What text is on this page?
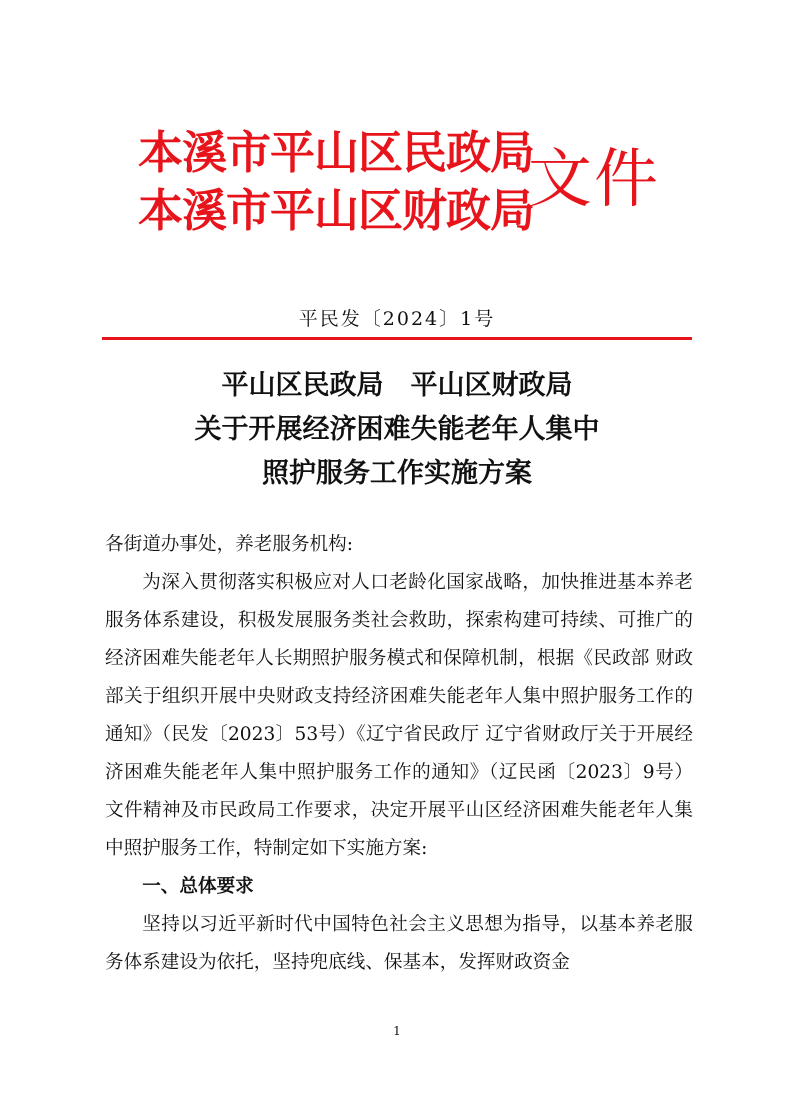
本溪市平山区民政局
本溪市平山区财政局
文件
平民发〔2024〕1号
平山区民政局　平山区财政局
关于开展经济困难失能老年人集中
照护服务工作实施方案

各街道办事处，养老服务机构:

为深入贯彻落实积极应对人口老龄化国家战略，加快推进基本养老服务体系建设，积极发展服务类社会救助，探索构建可持续、可推广的经济困难失能老年人长期照护服务模式和保障机制，根据《民政部 财政部关于组织开展中央财政支持经济困难失能老年人集中照护服务工作的通知》（民发〔2023〕53号）《辽宁省民政厅 辽宁省财政厅关于开展经济困难失能老年人集中照护服务工作的通知》（辽民函〔2023〕9号）文件精神及市民政局工作要求，决定开展平山区经济困难失能老年人集中照护服务工作，特制定如下实施方案:

一、总体要求

坚持以习近平新时代中国特色社会主义思想为指导，以基本养老服务体系建设为依托，坚持兜底线、保基本，发挥财政资金

1
